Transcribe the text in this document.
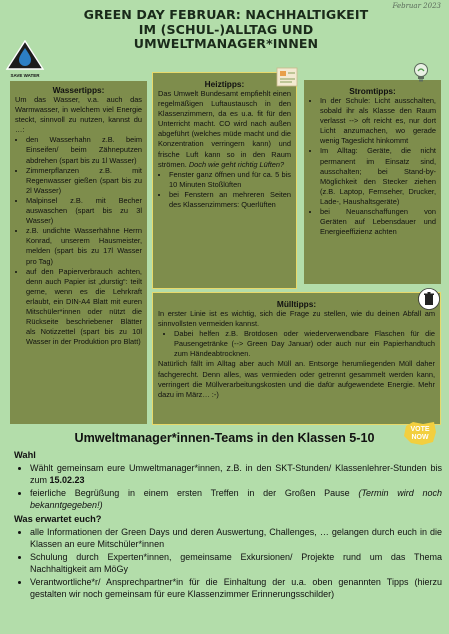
Februar 2023
GREEN DAY FEBRUAR: NACHHALTIGKEIT
IM (SCHUL-)ALLTAG UND
UMWELTMANAGER*INNEN
SAVE WATER
Wassertipps:

Um das Wasser, v.a. auch das Warmwasser, in welchem viel Energie steckt, sinnvoll zu nutzen, kannst du …:

• den Wasserhahn z.B. beim Einseifen/ beim Zähneputzen abdrehen (spart bis zu 1l Wasser)
• Zimmerpflanzen z.B. mit Regenwasser gießen (spart bis zu 2l Wasser)
• Malpinsel z.B. mit Becher auswaschen (spart bis zu 3l Wasser)
• z.B. undichte Wasserhähne Herrn Konrad, unserem Hausmeister, melden (spart bis zu 17l Wasser pro Tag)
• auf den Papierverbrauch achten, denn auch Papier ist „durstig“: teilt gerne, wenn es die Lehrkraft erlaubt, ein DIN-A4 Blatt mit euren Mitschüler*innen oder nützt die Rückseite beschriebener Blätter als Notizzettel (spart bis zu 10l Wasser in der Produktion pro Blatt)
Heiztipps:

Das Umwelt Bundesamt empfiehlt einen regelmäßigen Luftaustausch in den Klassenzimmern, da es u.a. fit für den Unterricht macht. CO wird nach außen abgeführt (welches müde macht und die Konzentration verringern kann) und frische Luft kann so in den Raum strömen. Doch wie geht richtig Lüften?

• Fenster ganz öffnen und für ca. 5 bis 10 Minuten Stoßlüften
• bei Fenstern an mehreren Seiten des Klassenzimmers: Querlüften
Stromtipps:
• In der Schule: Licht ausschalten, sobald ihr als Klasse den Raum verlasst --> oft reicht es, nur dort Licht anzumachen, wo gerade wenig Tageslicht hinkommt
• Im Alltag: Geräte, die nicht permanent im Einsatz sind, ausschalten; bei Stand-by-Möglichkeit den Stecker ziehen (z.B. Laptop, Fernseher, Drucker, Lade-, Haushaltsgeräte)
• bei Neuanschaffungen von Geräten auf Lebensdauer und Energieeffizienz achten
Mülltipps:

In erster Linie ist es wichtig, sich die Frage zu stellen, wie du deinen Abfall am sinnvollsten vermeiden kannst.

• Dabei helfen z.B. Brotdosen oder wiederverwendbare Flaschen für die Pausengetränke (--> Green Day Januar) oder auch nur ein Papierhandtuch zum Händeabtrocknen.

Natürlich fällt im Alltag aber auch Müll an. Entsorge herumliegenden Müll daher fachgerecht. Denn alles, was vermieden oder getrennt gesammelt werden kann, verringert die Müllverarbeitungskosten und die dafür aufgewendete Energie. Mehr dazu im März… :-)

VOTE
NOW
Umweltmanager*innen-Teams in den Klassen 5-10
Wahl
• Wählt gemeinsam eure Umweltmanager*innen, z.B. in den SKT-Stunden/ Klassenlehrer-Stunden bis zum 15.02.23
• feierliche Begrüßung in einem ersten Treffen in der Großen Pause (Termin wird noch bekanntgegeben!)
Was erwartet euch?
• alle Informationen der Green Days und deren Auswertung, Challenges, … gelangen durch euch in die Klassen an eure Mitschüler*innen
• Schulung durch Experten*innen, gemeinsame Exkursionen/ Projekte rund um das Thema Nachhaltigkeit am MöGy
• Verantwortliche*r/ Ansprechpartner*in für die Einhaltung der u.a. oben genannten Tipps (hierzu gestalten wir noch gemeinsam für eure Klassenzimmer Erinnerungsschilder)
